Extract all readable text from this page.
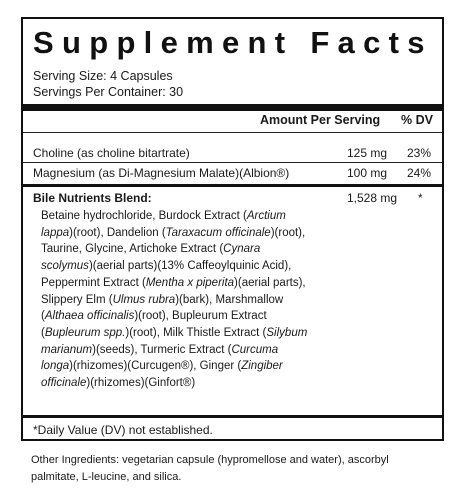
Supplement Facts
Serving Size: 4 Capsules
Servings Per Container: 30
Amount Per Serving % DV
Choline (as choline bitartrate)	125 mg 23%
Magnesium (as Di-Magnesium Malate)(Albion®)	100 mg 24%
Bile Nutrients Blend:	1,528 mg *
Betaine hydrochloride, Burdock Extract (Arctium
lappa)(root), Dandelion (Taraxacum officinale)(root),
Taurine, Glycine, Artichoke Extract (Cynara
scolymus)(aerial parts)(13% Caffeoylquinic Acid),
Peppermint Extract (Mentha x piperita)(aerial parts),
Slippery Elm (Ulmus rubra)(bark), Marshmallow
(Althaea officinalis)(root), Bupleurum Extract
(Bupleurum spp.)(root), Milk Thistle Extract (Silybum
marianum)(seeds), Turmeric Extract (Curcuma
longa)(rhizomes)(Curcugen®), Ginger (Zingiber
officinale)(rhizomes)(Ginfort®)
*Daily Value (DV) not established.
Other Ingredients: vegetarian capsule (hypromellose and water), ascorbyl
palmitate, L-leucine, and silica.
